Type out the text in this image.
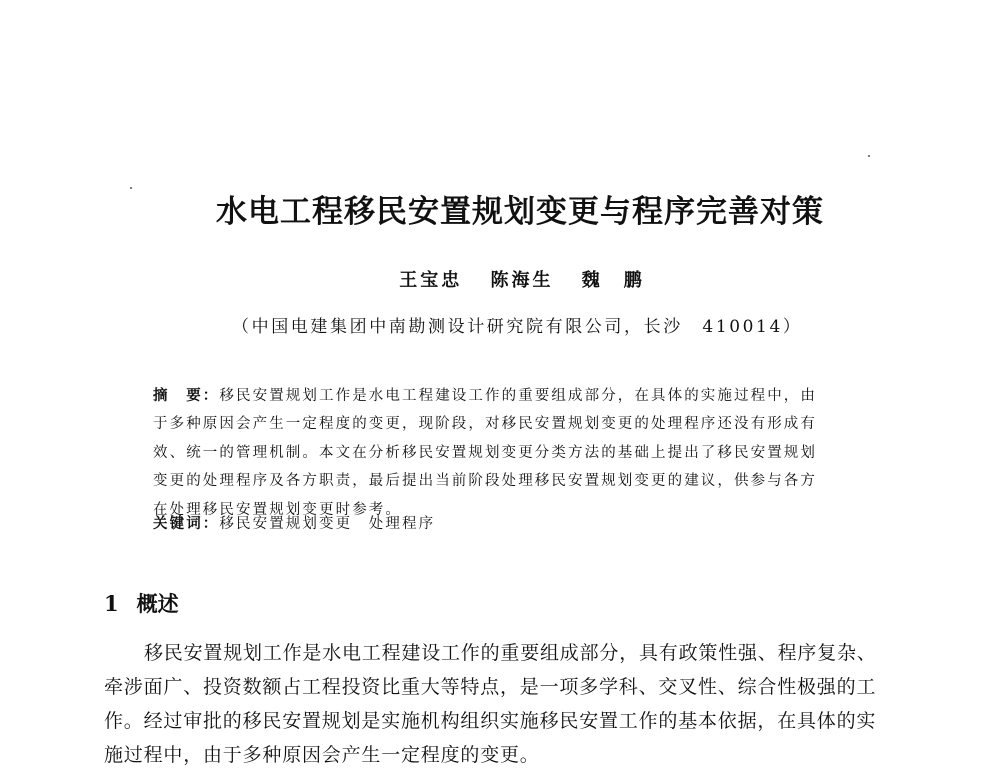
水电工程移民安置规划变更与程序完善对策
王宝忠 陈海生 魏　鹏
（中国电建集团中南勘测设计研究院有限公司，长沙　410014）
摘　要：移民安置规划工作是水电工程建设工作的重要组成部分，在具体的实施过程中，由
于多种原因会产生一定程度的变更，现阶段，对移民安置规划变更的处理程序还没有形成有
效、统一的管理机制。本文在分析移民安置规划变更分类方法的基础上提出了移民安置规划
变更的处理程序及各方职责，最后提出当前阶段处理移民安置规划变更的建议，供参与各方
在处理移民安置规划变更时参考。
关键词：移民安置规划变更　处理程序
1 概述
移民安置规划工作是水电工程建设工作的重要组成部分，具有政策性强、程序复杂、
牵涉面广、投资数额占工程投资比重大等特点，是一项多学科、交叉性、综合性极强的工
作。经过审批的移民安置规划是实施机构组织实施移民安置工作的基本依据，在具体的实
施过程中，由于多种原因会产生一定程度的变更。
